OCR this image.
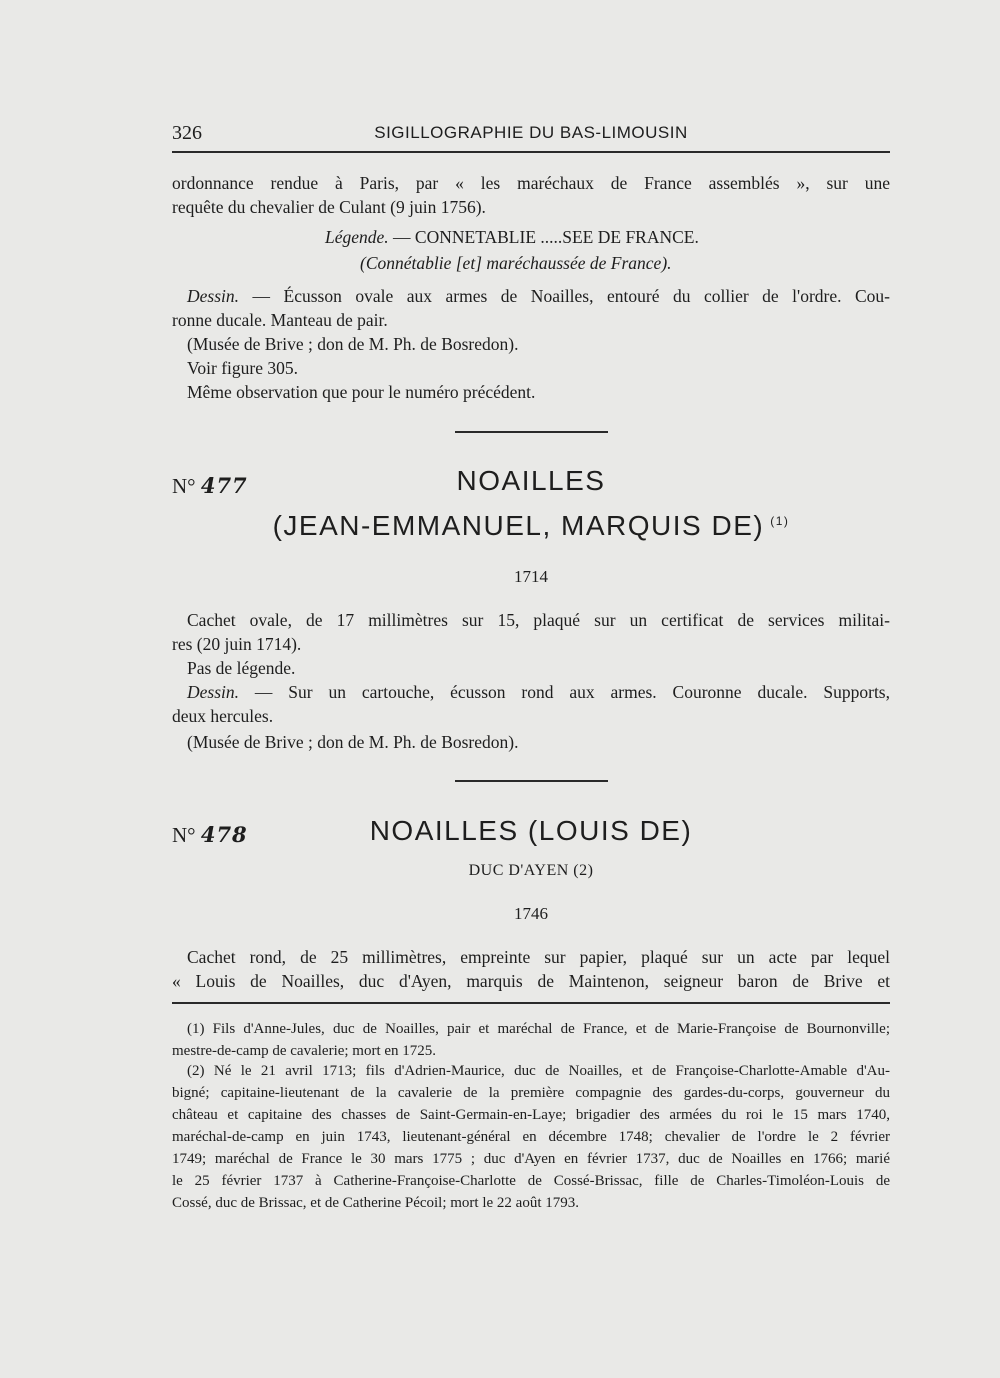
326	SIGILLOGRAPHIE DU BAS-LIMOUSIN
ordonnance rendue à Paris, par « les maréchaux de France assemblés », sur une
requête du chevalier de Culant (9 juin 1756).
Légende. — CONNETABLIE .....SEE DE FRANCE.
(Connétablie [et] maréchaussée de France).
Dessin. — Écusson ovale aux armes de Noailles, entouré du collier de l'ordre. Cou-
ronne ducale. Manteau de pair.
(Musée de Brive ; don de M. Ph. de Bosredon).
Voir figure 305.
Même observation que pour le numéro précédent.
N° 477	NOAILLES
(JEAN-EMMANUEL, MARQUIS DE) $^{(1)}$
1714
Cachet ovale, de 17 millimètres sur 15, plaqué sur un certificat de services militai-
res (20 juin 1714).
Pas de légende.
Dessin. — Sur un cartouche, écusson rond aux armes. Couronne ducale. Supports,
deux hercules.
(Musée de Brive ; don de M. Ph. de Bosredon).
N° 478	NOAILLES (LOUIS DE)
DUC D'AYEN (2)
1746
Cachet rond, de 25 millimètres, empreinte sur papier, plaqué sur un acte par lequel
« Louis de Noailles, duc d'Ayen, marquis de Maintenon, seigneur baron de Brive et
(1) Fils d'Anne-Jules, duc de Noailles, pair et maréchal de France, et de Marie-Françoise de Bournonville;
mestre-de-camp de cavalerie; mort en 1725.
(2) Né le 21 avril 1713; fils d'Adrien-Maurice, duc de Noailles, et de Françoise-Charlotte-Amable d'Au-
bigné; capitaine-lieutenant de la cavalerie de la première compagnie des gardes-du-corps, gouverneur du
château et capitaine des chasses de Saint-Germain-en-Laye; brigadier des armées du roi le 15 mars 1740,
maréchal-de-camp en juin 1743, lieutenant-général en décembre 1748; chevalier de l'ordre le 2 février
1749; maréchal de France le 30 mars 1775 ; duc d'Ayen en février 1737, duc de Noailles en 1766; marié
le 25 février 1737 à Catherine-Françoise-Charlotte de Cossé-Brissac, fille de Charles-Timoléon-Louis de
Cossé, duc de Brissac, et de Catherine Pécoil; mort le 22 août 1793.
